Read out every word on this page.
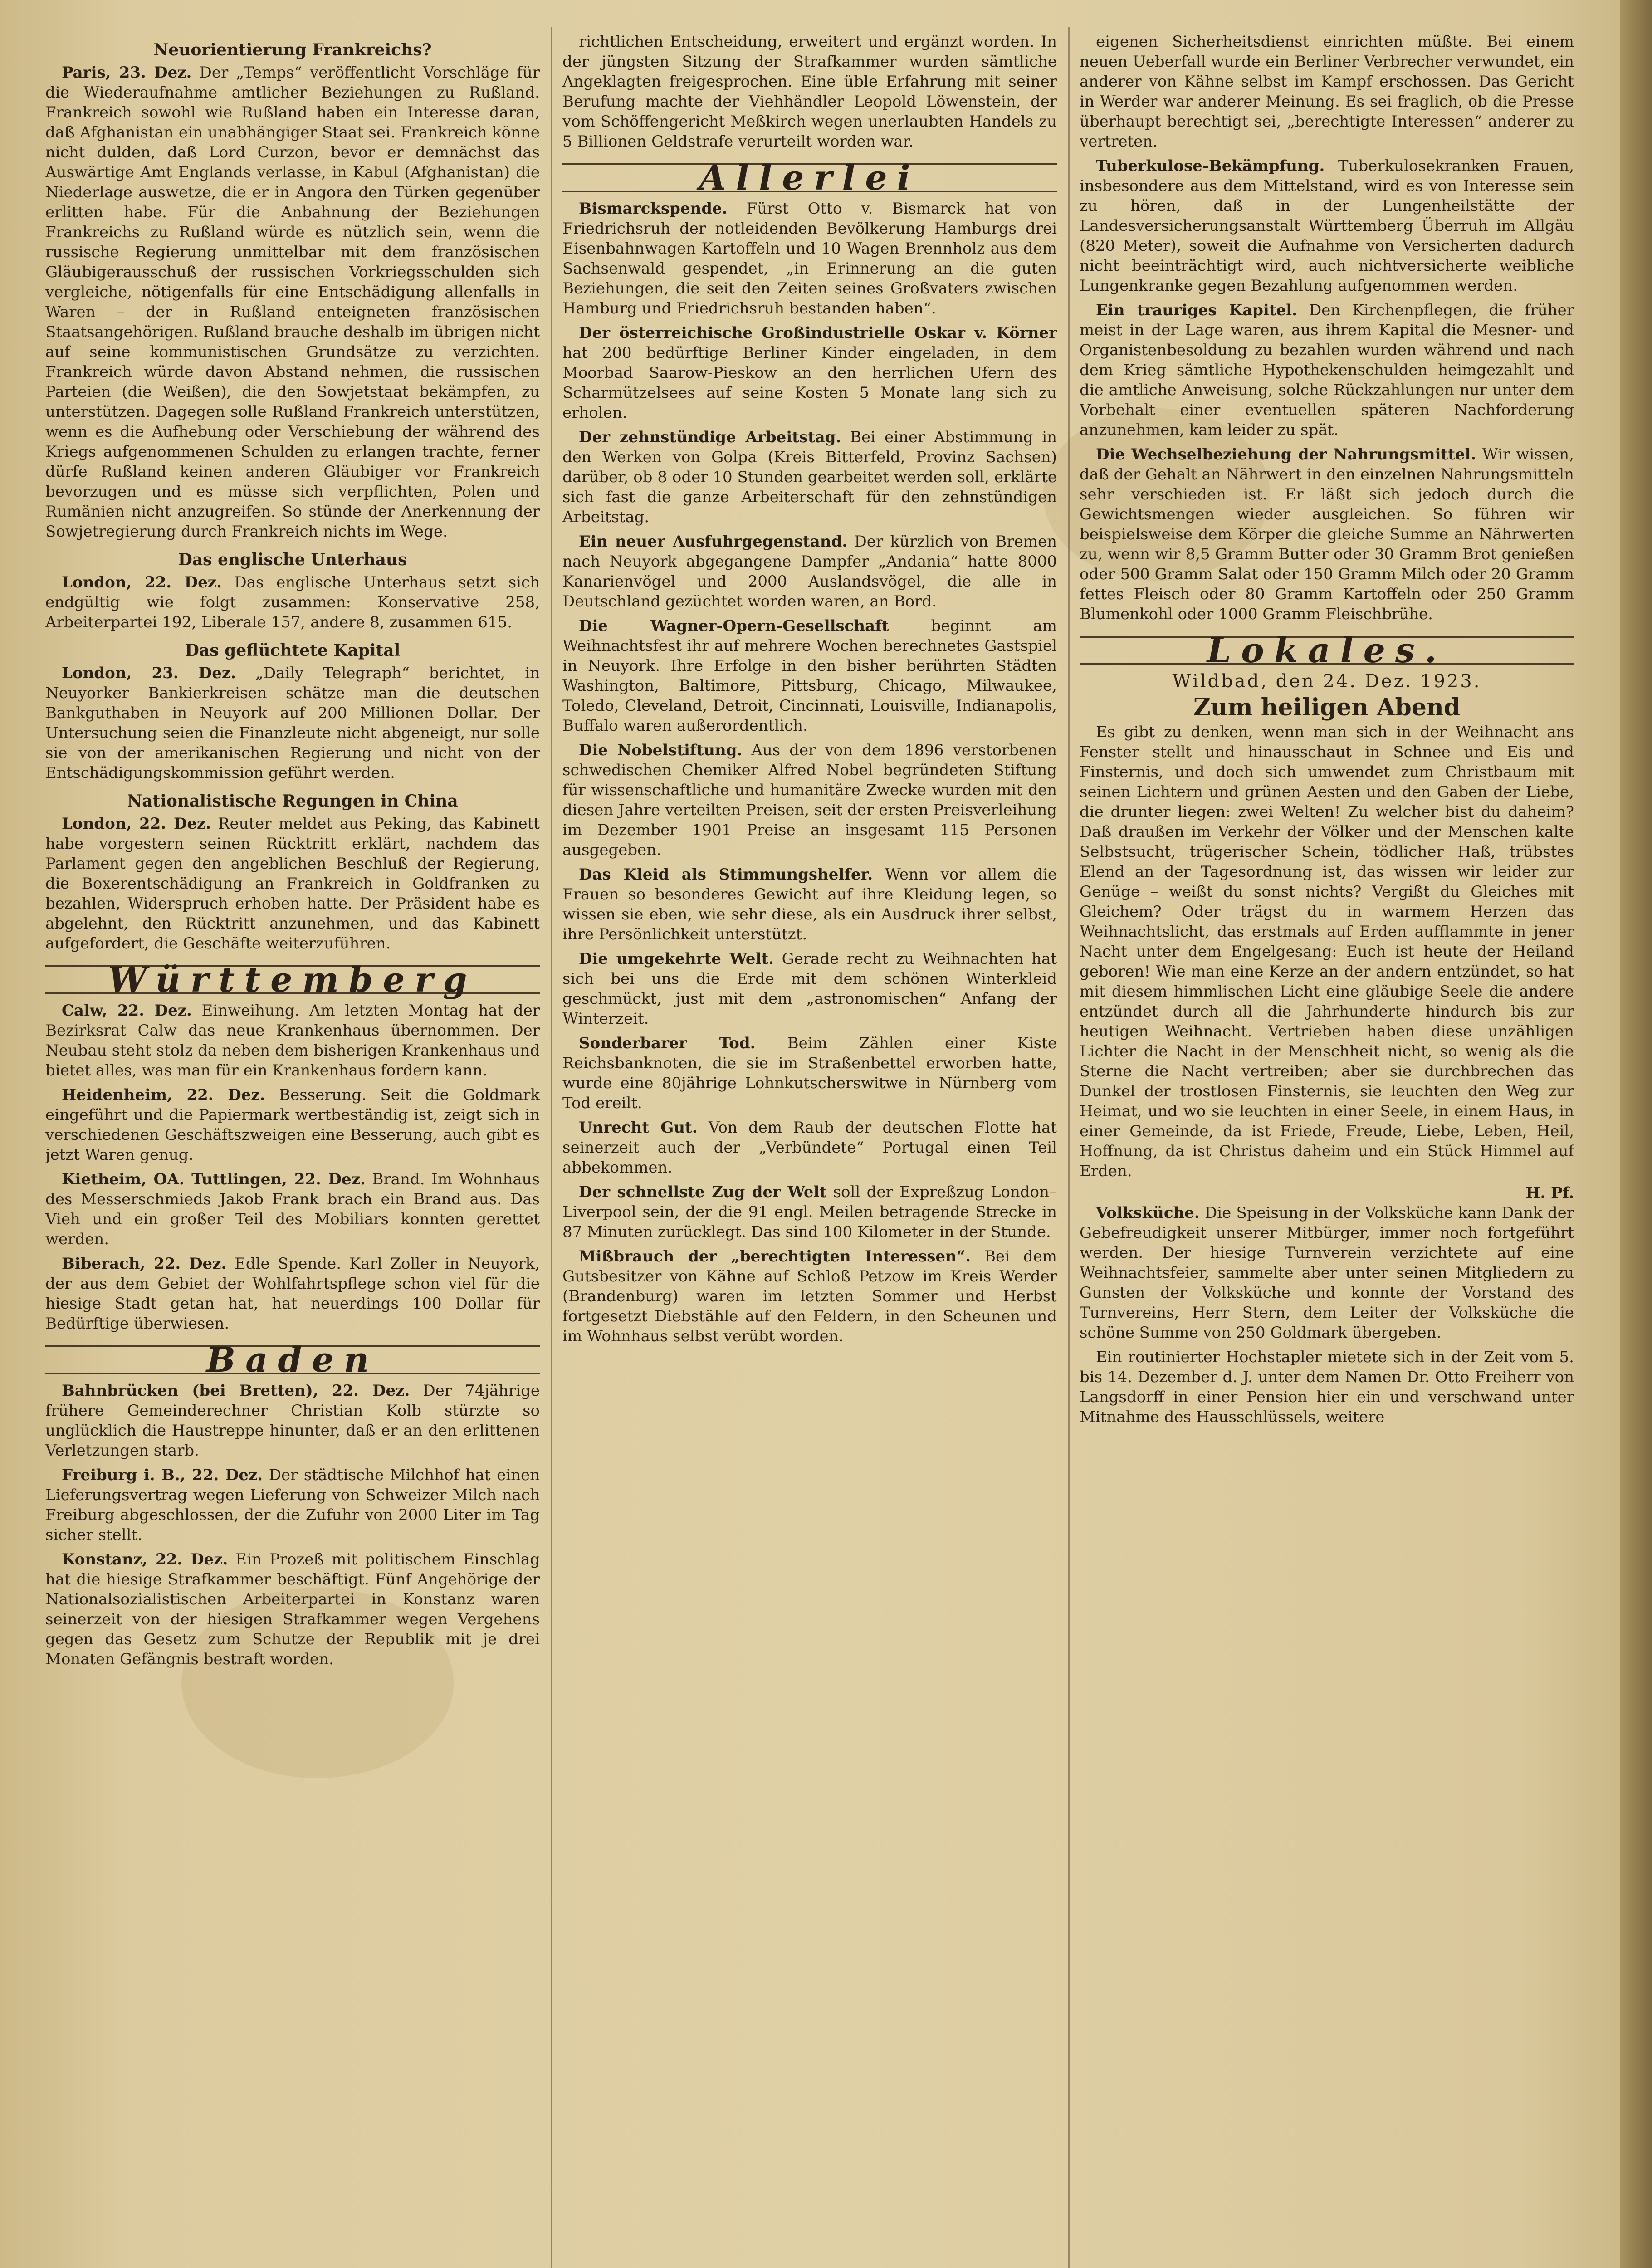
Neuorientierung Frankreichs?

Paris, 23. Dez. Der „Temps“ veröffentlicht Vorschläge für die Wiederaufnahme amtlicher Beziehungen zu Rußland. Frankreich sowohl wie Rußland haben ein Interesse daran, daß Afghanistan ein unabhängiger Staat sei. Frankreich könne nicht dulden, daß Lord Curzon, bevor er demnächst das Auswärtige Amt Englands verlasse, in Kabul (Afghanistan) die Niederlage auswetze, die er in Angora den Türken gegenüber erlitten habe. Für die Anbahnung der Beziehungen Frankreichs zu Rußland würde es nützlich sein, wenn die russische Regierung unmittelbar mit dem französischen Gläubigerausschuß der russischen Vorkriegsschulden sich vergleiche, nötigenfalls für eine Entschädigung allenfalls in Waren – der in Rußland enteigneten französischen Staatsangehörigen. Rußland brauche deshalb im übrigen nicht auf seine kommunistischen Grundsätze zu verzichten. Frankreich würde davon Abstand nehmen, die russischen Parteien (die Weißen), die den Sowjetstaat bekämpfen, zu unterstützen. Dagegen solle Rußland Frankreich unterstützen, wenn es die Aufhebung oder Verschiebung der während des Kriegs aufgenommenen Schulden zu erlangen trachte, ferner dürfe Rußland keinen anderen Gläubiger vor Frankreich bevorzugen und es müsse sich verpflichten, Polen und Rumänien nicht anzugreifen. So stünde der Anerkennung der Sowjetregierung durch Frankreich nichts im Wege.

Das englische Unterhaus

London, 22. Dez. Das englische Unterhaus setzt sich endgültig wie folgt zusammen: Konservative 258, Arbeiterpartei 192, Liberale 157, andere 8, zusammen 615.

Das geflüchtete Kapital

London, 23. Dez. „Daily Telegraph“ berichtet, in Neuyorker Bankierkreisen schätze man die deutschen Bankguthaben in Neuyork auf 200 Millionen Dollar. Der Untersuchung seien die Finanzleute nicht abgeneigt, nur solle sie von der amerikanischen Regierung und nicht von der Entschädigungskommission geführt werden.

Nationalistische Regungen in China

London, 22. Dez. Reuter meldet aus Peking, das Kabinett habe vorgestern seinen Rücktritt erklärt, nachdem das Parlament gegen den angeblichen Beschluß der Regierung, die Boxerentschädigung an Frankreich in Goldfranken zu bezahlen, Widerspruch erhoben hatte. Der Präsident habe es abgelehnt, den Rücktritt anzunehmen, und das Kabinett aufgefordert, die Geschäfte weiterzuführen.

Württemberg

Calw, 22. Dez. Einweihung. Am letzten Montag hat der Bezirksrat Calw das neue Krankenhaus übernommen. Der Neubau steht stolz da neben dem bisherigen Krankenhaus und bietet alles, was man für ein Krankenhaus fordern kann.

Heidenheim, 22. Dez. Besserung. Seit die Goldmark eingeführt und die Papiermark wertbeständig ist, zeigt sich in verschiedenen Geschäftszweigen eine Besserung, auch gibt es jetzt Waren genug.

Kietheim, OA. Tuttlingen, 22. Dez. Brand. Im Wohnhaus des Messerschmieds Jakob Frank brach ein Brand aus. Das Vieh und ein großer Teil des Mobiliars konnten gerettet werden.

Biberach, 22. Dez. Edle Spende. Karl Zoller in Neuyork, der aus dem Gebiet der Wohlfahrtspflege schon viel für die hiesige Stadt getan hat, hat neuerdings 100 Dollar für Bedürftige überwiesen.

Baden

Bahnbrücken (bei Bretten), 22. Dez. Der 74jährige frühere Gemeinderechner Christian Kolb stürzte so unglücklich die Haustreppe hinunter, daß er an den erlittenen Verletzungen starb.

Freiburg i. B., 22. Dez. Der städtische Milchhof hat einen Lieferungsvertrag wegen Lieferung von Schweizer Milch nach Freiburg abgeschlossen, der die Zufuhr von 2000 Liter im Tag sicher stellt.

Konstanz, 22. Dez. Ein Prozeß mit politischem Einschlag hat die hiesige Strafkammer beschäftigt. Fünf Angehörige der Nationalsozialistischen Arbeiterpartei in Konstanz waren seinerzeit von der hiesigen Strafkammer wegen Vergehens gegen das Gesetz zum Schutze der Republik mit je drei Monaten Gefängnis bestraft worden.

richtlichen Entscheidung, erweitert und ergänzt worden. In der jüngsten Sitzung der Strafkammer wurden sämtliche Angeklagten freigesprochen. Eine üble Erfahrung mit seiner Berufung machte der Viehhändler Leopold Löwenstein, der vom Schöffengericht Meßkirch wegen unerlaubten Handels zu 5 Billionen Geldstrafe verurteilt worden war.

Allerlei

Bismarckspende. Fürst Otto v. Bismarck hat von Friedrichsruh der notleidenden Bevölkerung Hamburgs drei Eisenbahnwagen Kartoffeln und 10 Wagen Brennholz aus dem Sachsenwald gespendet, „in Erinnerung an die guten Beziehungen, die seit den Zeiten seines Großvaters zwischen Hamburg und Friedrichsruh bestanden haben“.

Der österreichische Großindustrielle Oskar v. Körner hat 200 bedürftige Berliner Kinder eingeladen, in dem Moorbad Saarow-Pieskow an den herrlichen Ufern des Scharmützelsees auf seine Kosten 5 Monate lang sich zu erholen.

Der zehnstündige Arbeitstag. Bei einer Abstimmung in den Werken von Golpa (Kreis Bitterfeld, Provinz Sachsen) darüber, ob 8 oder 10 Stunden gearbeitet werden soll, erklärte sich fast die ganze Arbeiterschaft für den zehnstündigen Arbeitstag.

Ein neuer Ausfuhrgegenstand. Der kürzlich von Bremen nach Neuyork abgegangene Dampfer „Andania“ hatte 8000 Kanarienvögel und 2000 Auslandsvögel, die alle in Deutschland gezüchtet worden waren, an Bord.

Die Wagner-Opern-Gesellschaft	beginnt am Weihnachtsfest ihr auf mehrere Wochen berechnetes Gastspiel in Neuyork. Ihre Erfolge in den bisher berührten Städten Washington, Baltimore, Pittsburg, Chicago, Milwaukee, Toledo, Cleveland, Detroit, Cincinnati, Louisville, Indianapolis, Buffalo waren außerordentlich.

Die Nobelstiftung. Aus der von dem 1896 verstorbenen schwedischen Chemiker Alfred Nobel begründeten Stiftung für wissenschaftliche und humanitäre Zwecke wurden mit den diesen Jahre verteilten Preisen, seit der ersten Preisverleihung im Dezember 1901 Preise an insgesamt 115 Personen ausgegeben.

Das Kleid als Stimmungshelfer. Wenn vor allem die Frauen so besonderes Gewicht auf ihre Kleidung legen, so wissen sie eben, wie sehr diese, als ein Ausdruck ihrer selbst, ihre Persönlichkeit unterstützt.

Die umgekehrte Welt. Gerade recht zu Weihnachten hat sich bei uns die Erde mit dem schönen Winterkleid geschmückt, just mit dem „astronomischen“ Anfang der Winterzeit.

Sonderbarer Tod. Beim Zählen einer Kiste Reichsbanknoten, die sie im Straßenbettel erworben hatte, wurde eine 80jährige Lohnkutscherswitwe in Nürnberg vom Tod ereilt.

Unrecht Gut. Von dem Raub der deutschen Flotte hat seinerzeit auch der „Verbündete“ Portugal einen Teil abbekommen.

Der schnellste Zug der Welt soll der Expreßzug London–Liverpool sein, der die 91 engl. Meilen betragende Strecke in 87 Minuten zurücklegt. Das sind 100 Kilometer in der Stunde.

Mißbrauch der „berechtigten Interessen“. Bei dem Gutsbesitzer von Kähne auf Schloß Petzow im Kreis Werder (Brandenburg) waren im letzten Sommer und Herbst fortgesetzt Diebstähle auf den Feldern, in den Scheunen und im Wohnhaus selbst verübt worden.

eigenen Sicherheitsdienst einrichten müßte. Bei einem neuen Ueberfall wurde ein Berliner Verbrecher verwundet, ein anderer von Kähne selbst im Kampf erschossen. Das Gericht in Werder war anderer Meinung. Es sei fraglich, ob die Presse überhaupt berechtigt sei, „berechtigte Interessen“ anderer zu vertreten.

Tuberkulose-Bekämpfung. Tuberkulosekranken Frauen, insbesondere aus dem Mittelstand, wird es von Interesse sein zu hören, daß in der Lungenheilstätte der Landesversicherungsanstalt Württemberg Überruh im Allgäu (820 Meter), soweit die Aufnahme von Versicherten dadurch nicht beeinträchtigt wird, auch nichtversicherte weibliche Lungenkranke gegen Bezahlung aufgenommen werden.

Ein trauriges Kapitel. Den Kirchenpflegen, die früher meist in der Lage waren, aus ihrem Kapital die Mesner- und Organistenbesoldung zu bezahlen wurden während und nach dem Krieg sämtliche Hypothekenschulden heimgezahlt und die amtliche Anweisung, solche Rückzahlungen nur unter dem Vorbehalt einer eventuellen späteren Nachforderung anzunehmen, kam leider zu spät.

Die Wechselbeziehung der Nahrungsmittel. Wir wissen, daß der Gehalt an Nährwert in den einzelnen Nahrungsmitteln sehr verschieden ist. Er läßt sich jedoch durch die Gewichtsmengen wieder ausgleichen. So führen wir beispielsweise dem Körper die gleiche Summe an Nährwerten zu, wenn wir 8,5 Gramm Butter oder 30 Gramm Brot genießen oder 500 Gramm Salat oder 150 Gramm Milch oder 20 Gramm fettes Fleisch oder 80 Gramm Kartoffeln oder 250 Gramm Blumenkohl oder 1000 Gramm Fleischbrühe.

Lokales.
Wildbad, den 24. Dez. 1923.
Zum heiligen Abend

Es gibt zu denken, wenn man sich in der Weihnacht ans Fenster stellt und hinausschaut in Schnee und Eis und Finsternis, und doch sich umwendet zum Christbaum mit seinen Lichtern und grünen Aesten und den Gaben der Liebe, die drunter liegen: zwei Welten! Zu welcher bist du daheim? Daß draußen im Verkehr der Völker und der Menschen kalte Selbstsucht, trügerischer Schein, tödlicher Haß, trübstes Elend an der Tagesordnung ist, das wissen wir leider zur Genüge – weißt du sonst nichts? Vergißt du Gleiches mit Gleichem? Oder trägst du in warmem Herzen das Weihnachtslicht, das erstmals auf Erden aufflammte in jener Nacht unter dem Engelgesang: Euch ist heute der Heiland geboren! Wie man eine Kerze an der andern entzündet, so hat mit diesem himmlischen Licht eine gläubige Seele die andere entzündet durch all die Jahrhunderte hindurch bis zur heutigen Weihnacht. Vertrieben haben diese unzähligen Lichter die Nacht in der Menschheit nicht, so wenig als die Sterne die Nacht vertreiben; aber sie durchbrechen das Dunkel der trostlosen Finsternis, sie leuchten den Weg zur Heimat, und wo sie leuchten in einer Seele, in einem Haus, in einer Gemeinde, da ist Friede, Freude, Liebe, Leben, Heil, Hoffnung, da ist Christus daheim und ein Stück Himmel auf Erden.

H. Pf.

Volksküche. Die Speisung in der Volksküche kann Dank der Gebefreudigkeit unserer Mitbürger, immer noch fortgeführt werden. Der hiesige Turnverein verzichtete auf eine Weihnachtsfeier, sammelte aber unter seinen Mitgliedern zu Gunsten der Volksküche und konnte der Vorstand des Turnvereins, Herr Stern, dem Leiter der Volksküche die schöne Summe von 250 Goldmark übergeben.

Ein routinierter Hochstapler mietete sich in der Zeit vom 5. bis 14. Dezember d. J. unter dem Namen Dr. Otto Freiherr von Langsdorff in einer Pension hier ein und verschwand unter Mitnahme des Hausschlüssels, weitere
